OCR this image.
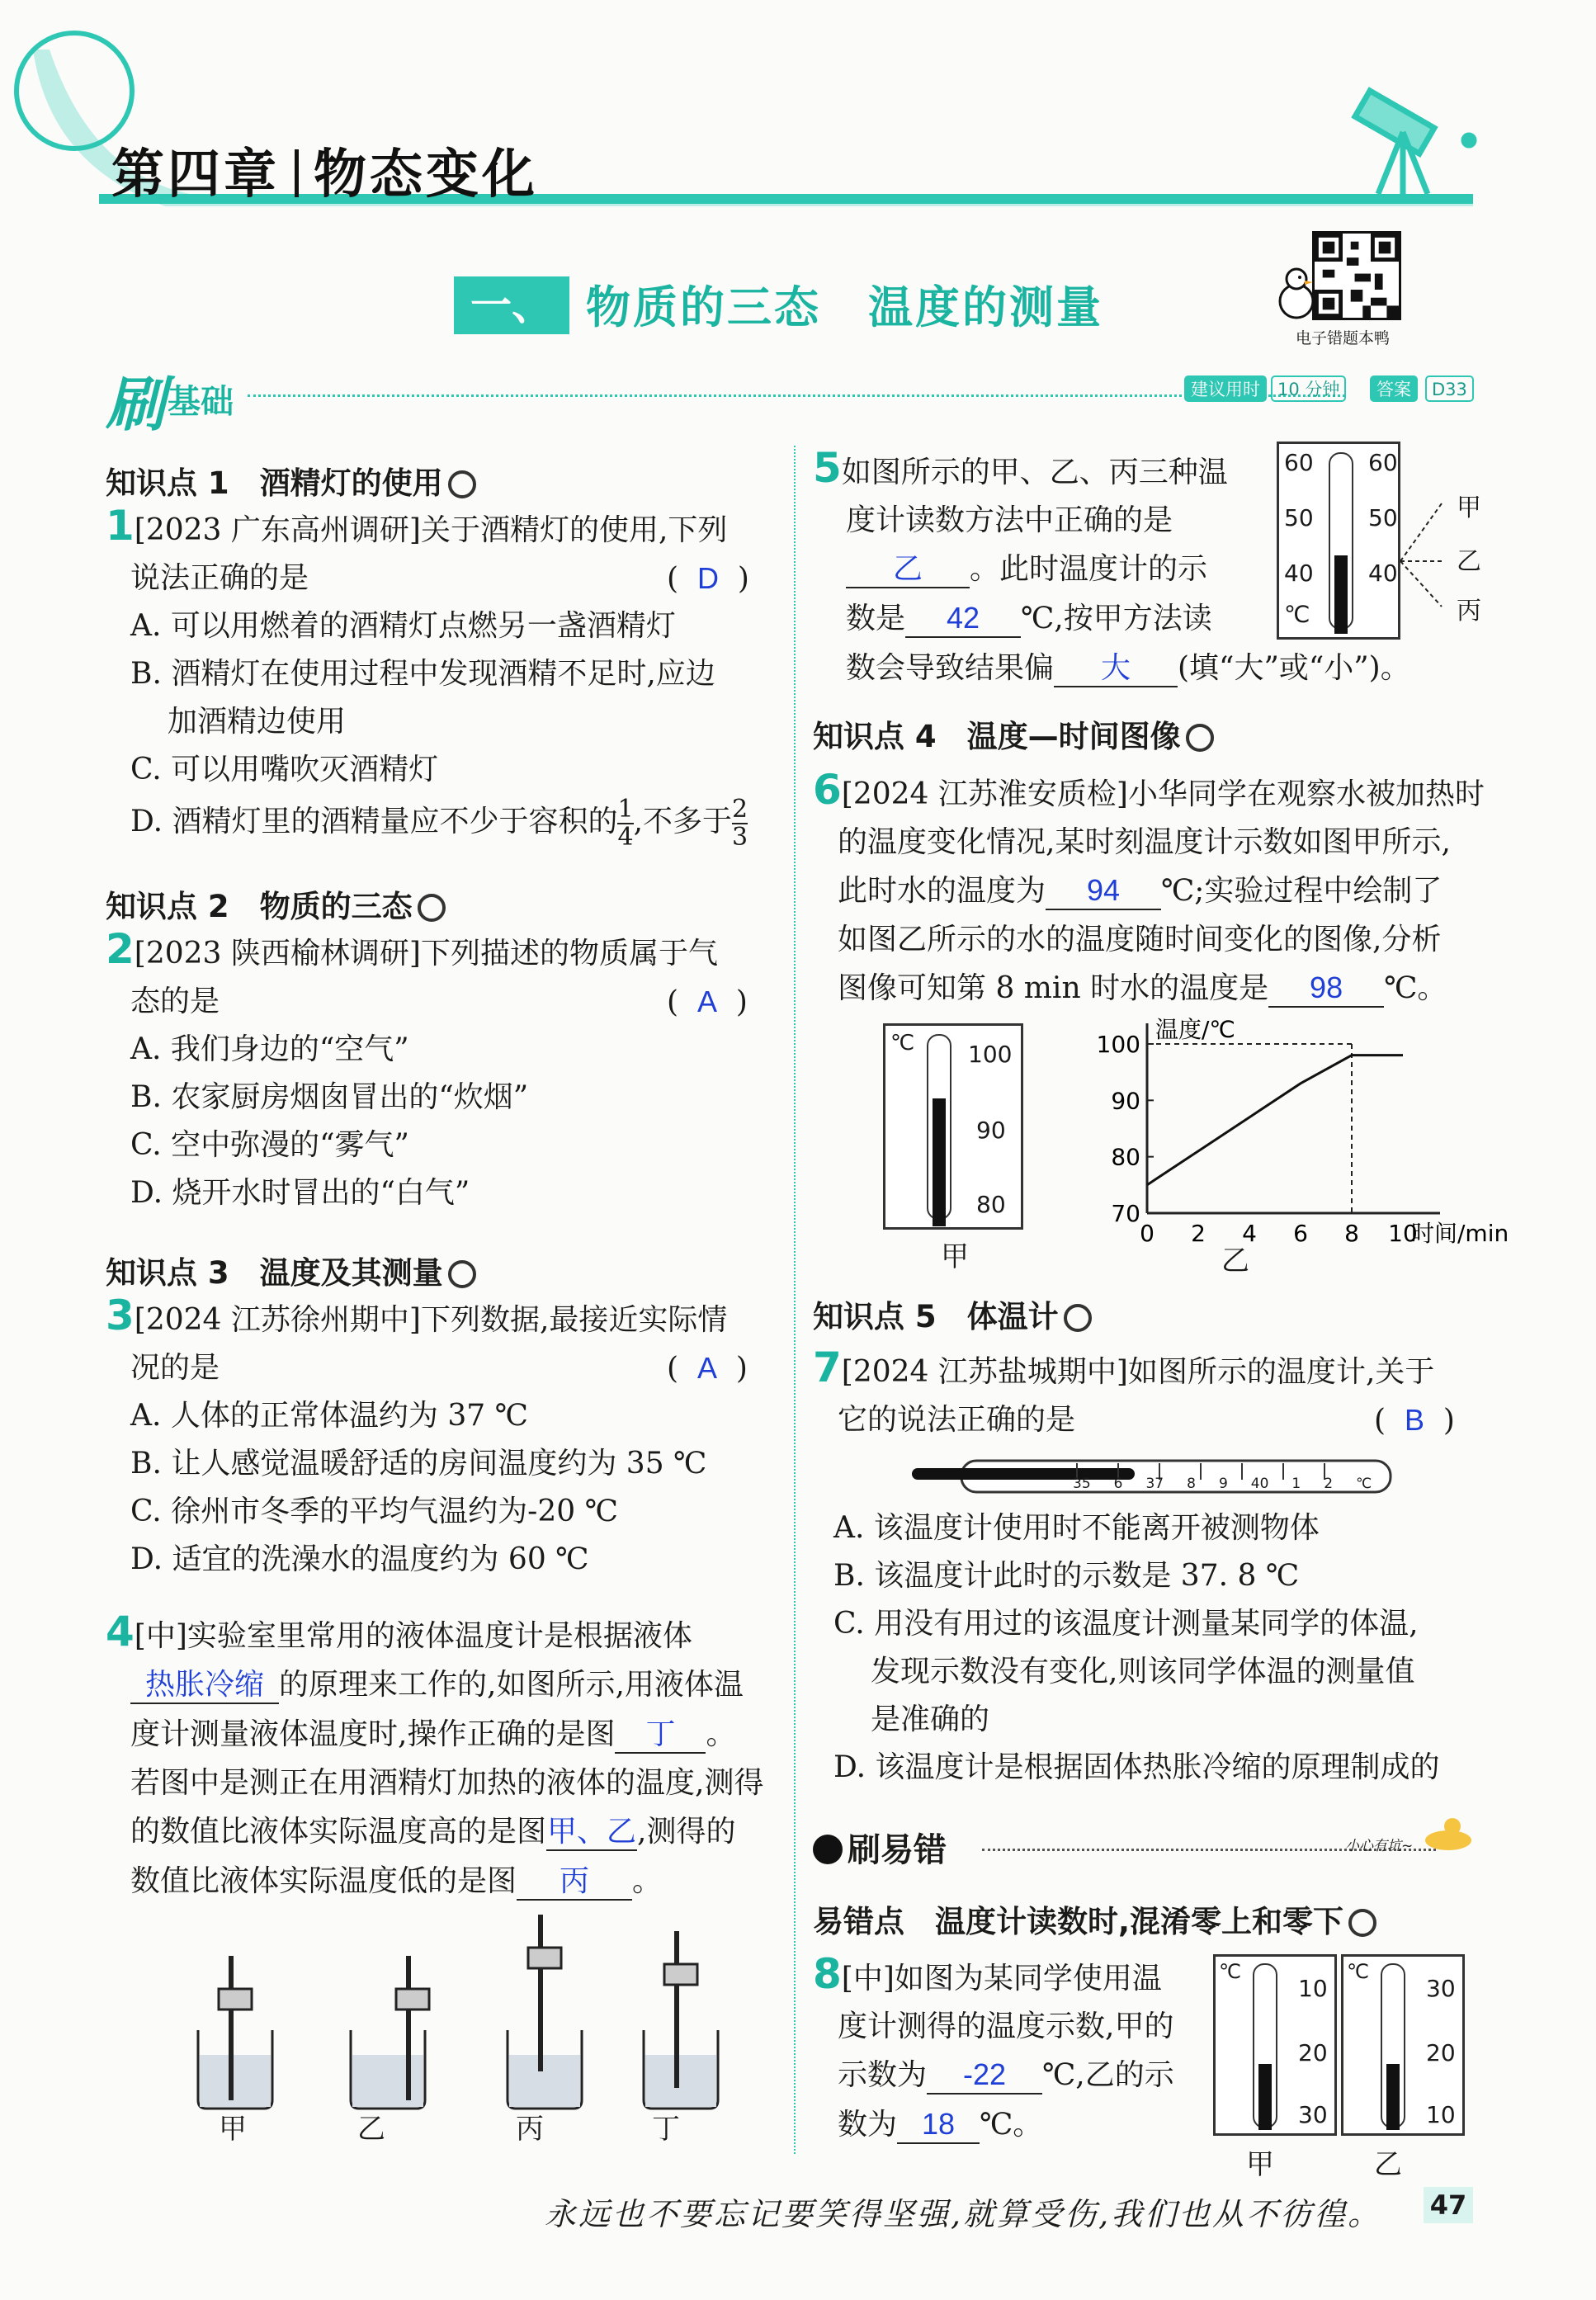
第四章 物态变化
一、 物质的三态　温度的测量
电子错题本鸭
刷 基础	建议用时	10 分钟	答案	D33
知识点 1　酒精灯的使用
1[2023 广东高州调研]关于酒精灯的使用,下列
说法正确的是	(  D  )
A. 可以用燃着的酒精灯点燃另一盏酒精灯
B. 酒精灯在使用过程中发现酒精不足时,应边
加酒精边使用
C. 可以用嘴吹灭酒精灯
D. 酒精灯里的酒精量应不少于容积的 $\frac{1}{4}$ ,不多于 $\frac{2}{3}$
知识点 2　物质的三态
2[2023 陕西榆林调研]下列描述的物质属于气
态的是	(  A  )
A. 我们身边的“空气”
B. 农家厨房烟囱冒出的“炊烟”
C. 空中弥漫的“雾气”
D. 烧开水时冒出的“白气”
知识点 3　温度及其测量
3[2024 江苏徐州期中]下列数据,最接近实际情
况的是	(  A  )
A. 人体的正常体温约为 37 ℃
B. 让人感觉温暖舒适的房间温度约为 35 ℃
C. 徐州市冬季的平均气温约为-20 ℃
D. 适宜的洗澡水的温度约为 60 ℃
4[中]实验室里常用的液体温度计是根据液体
热胀冷缩 的原理来工作的,如图所示,用液体温
度计测量液体温度时,操作正确的是图 丁 。
若图中是测正在用酒精灯加热的液体的温度,测得
的数值比液体实际温度高的是图甲、乙,测得的
数值比液体实际温度低的是图 丙 。
甲	乙	丙	丁
5如图所示的甲、乙、丙三种温
度计读数方法中正确的是
乙 。此时温度计的示
数是 42 ℃,按甲方法读
数会导致结果偏 大 (填“大”或“小”)。
60 60
50 50
40 40
℃
甲
乙
丙
知识点 4　温度—时间图像
6[2024 江苏淮安质检]小华同学在观察水被加热时
的温度变化情况,某时刻温度计示数如图甲所示,
此时水的温度为 94 ℃;实验过程中绘制了
如图乙所示的水的温度随时间变化的图像,分析
图像可知第 8 min 时水的温度是 98 ℃。
℃ 100
90
80
甲
70
80
90
100
0 2 4 6 8 10
温度/℃
时间/min
乙
知识点 5　体温计
7[2024 江苏盐城期中]如图所示的温度计,关于
它的说法正确的是	(  B  )
35 6 37 8 9 40 1 2 ℃
A. 该温度计使用时不能离开被测物体
B. 该温度计此时的示数是 37. 8 ℃
C. 用没有用过的该温度计测量某同学的体温,
发现示数没有变化,则该同学体温的测量值
是准确的
D. 该温度计是根据固体热胀冷缩的原理制成的
刷易错	小心有坑~
易错点　温度计读数时,混淆零上和零下
8[中]如图为某同学使用温
度计测得的温度示数,甲的
示数为 -22 ℃,乙的示
数为 18 ℃。
℃
10
20
30
℃
30
20
10
甲	乙
永远也不要忘记要笑得坚强,就算受伤,我们也从不彷徨。 47
